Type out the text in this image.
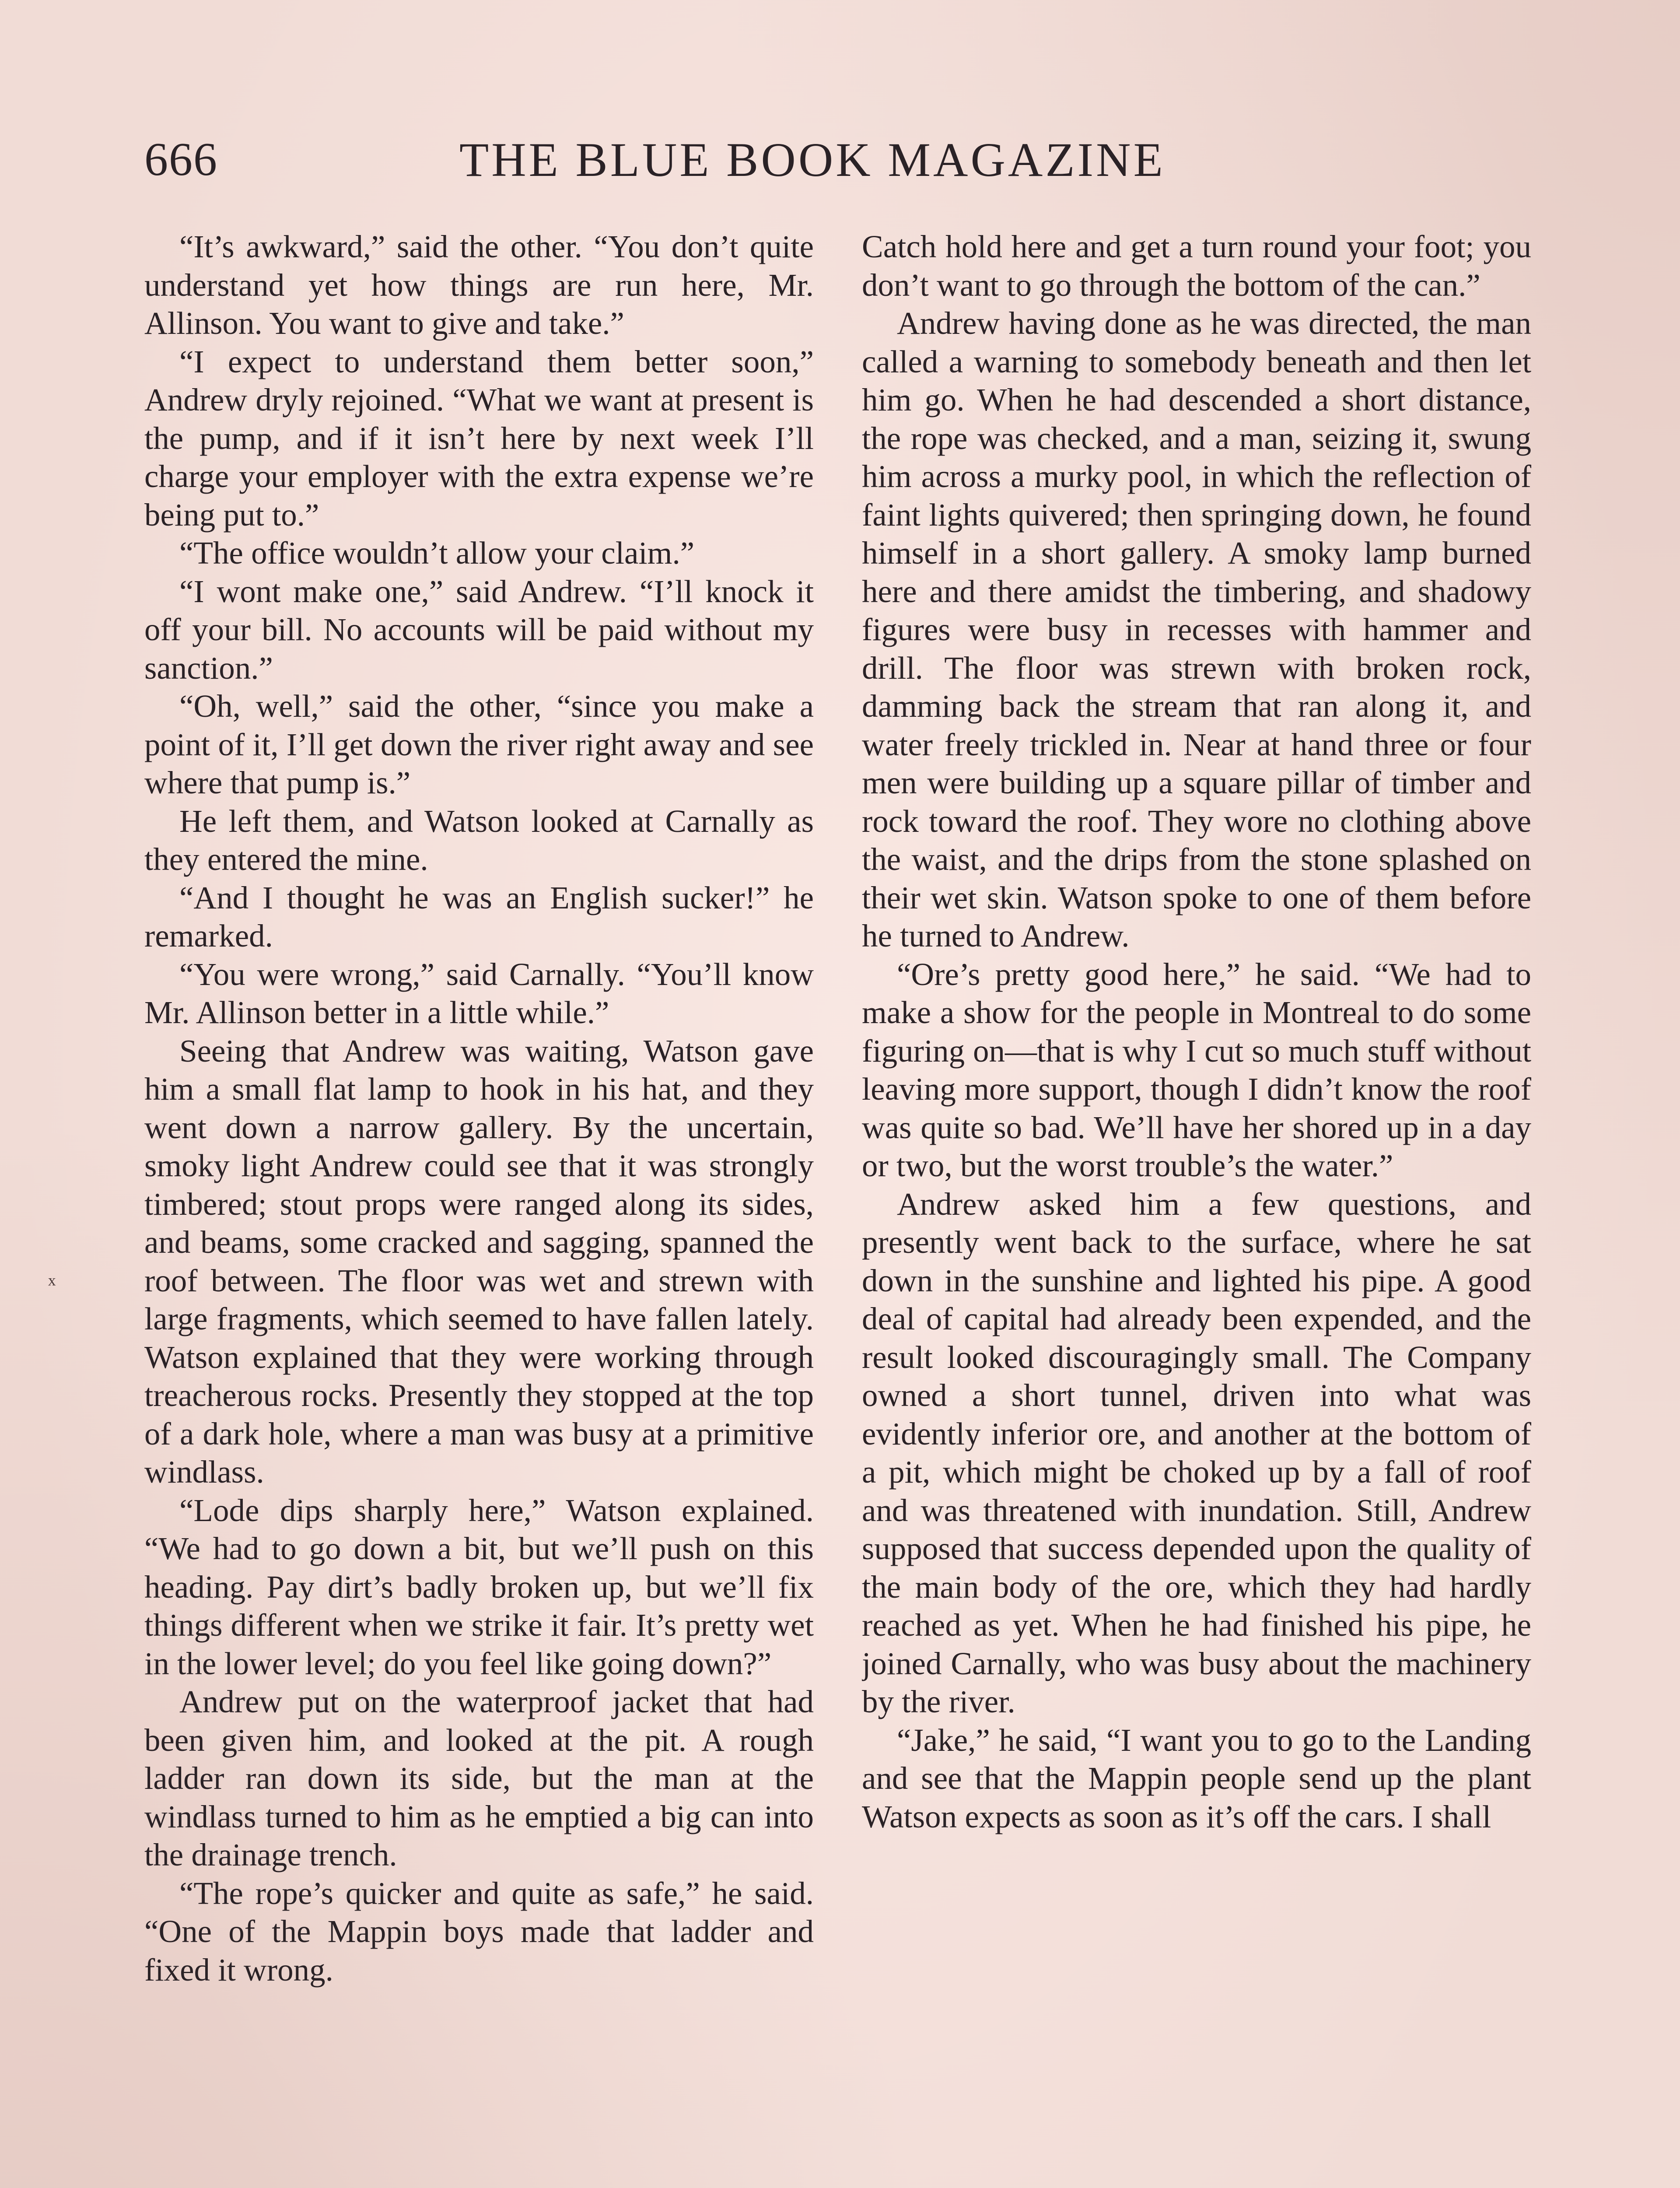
666	THE BLUE BOOK MAGAZINE

“It’s awkward,” said the other. “You don’t quite understand yet how things are run here, Mr. Allinson. You want to give and take.”

“I expect to understand them better soon,” Andrew dryly rejoined. “What we want at present is the pump, and if it isn’t here by next week I’ll charge your employer with the extra expense we’re being put to.”

“The office wouldn’t allow your claim.”

“I wont make one,” said Andrew. “I’ll knock it off your bill. No accounts will be paid without my sanction.”

“Oh, well,” said the other, “since you make a point of it, I’ll get down the river right away and see where that pump is.”

He left them, and Watson looked at Carnally as they entered the mine.

“And I thought he was an English sucker!” he remarked.

“You were wrong,” said Carnally. “You’ll know Mr. Allinson better in a little while.”

Seeing that Andrew was waiting, Watson gave him a small flat lamp to hook in his hat, and they went down a narrow gallery. By the uncertain, smoky light Andrew could see that it was strongly timbered; stout props were ranged along its sides, and beams, some cracked and sagging, spanned the roof between. The floor was wet and strewn with large fragments, which seemed to have fallen lately. Watson explained that they were working through treacherous rocks. Presently they stopped at the top of a dark hole, where a man was busy at a primitive windlass.

“Lode dips sharply here,” Watson explained. “We had to go down a bit, but we’ll push on this heading. Pay dirt’s badly broken up, but we’ll fix things different when we strike it fair. It’s pretty wet in the lower level; do you feel like going down?”

Andrew put on the waterproof jacket that had been given him, and looked at the pit. A rough ladder ran down its side, but the man at the windlass turned to him as he emptied a big can into the drainage trench.

“The rope’s quicker and quite as safe,” he said. “One of the Mappin boys made that ladder and fixed it wrong.

Catch hold here and get a turn round your foot; you don’t want to go through the bottom of the can.”

Andrew having done as he was directed, the man called a warning to somebody beneath and then let him go. When he had descended a short distance, the rope was checked, and a man, seizing it, swung him across a murky pool, in which the reflection of faint lights quivered; then springing down, he found himself in a short gallery. A smoky lamp burned here and there amidst the timbering, and shadowy figures were busy in recesses with hammer and drill. The floor was strewn with broken rock, damming back the stream that ran along it, and water freely trickled in. Near at hand three or four men were building up a square pillar of timber and rock toward the roof. They wore no clothing above the waist, and the drips from the stone splashed on their wet skin. Watson spoke to one of them before he turned to Andrew.

“Ore’s pretty good here,” he said. “We had to make a show for the people in Montreal to do some figuring on—that is why I cut so much stuff without leaving more support, though I didn’t know the roof was quite so bad. We’ll have her shored up in a day or two, but the worst trouble’s the water.”

Andrew asked him a few questions, and presently went back to the surface, where he sat down in the sunshine and lighted his pipe. A good deal of capital had already been expended, and the result looked discouragingly small. The Company owned a short tunnel, driven into what was evidently inferior ore, and another at the bottom of a pit, which might be choked up by a fall of roof and was threatened with inundation. Still, Andrew supposed that success depended upon the quality of the main body of the ore, which they had hardly reached as yet. When he had finished his pipe, he joined Carnally, who was busy about the machinery by the river.

“Jake,” he said, “I want you to go to the Landing and see that the Mappin people send up the plant Watson expects as soon as it’s off the cars. I shall

ˣ
